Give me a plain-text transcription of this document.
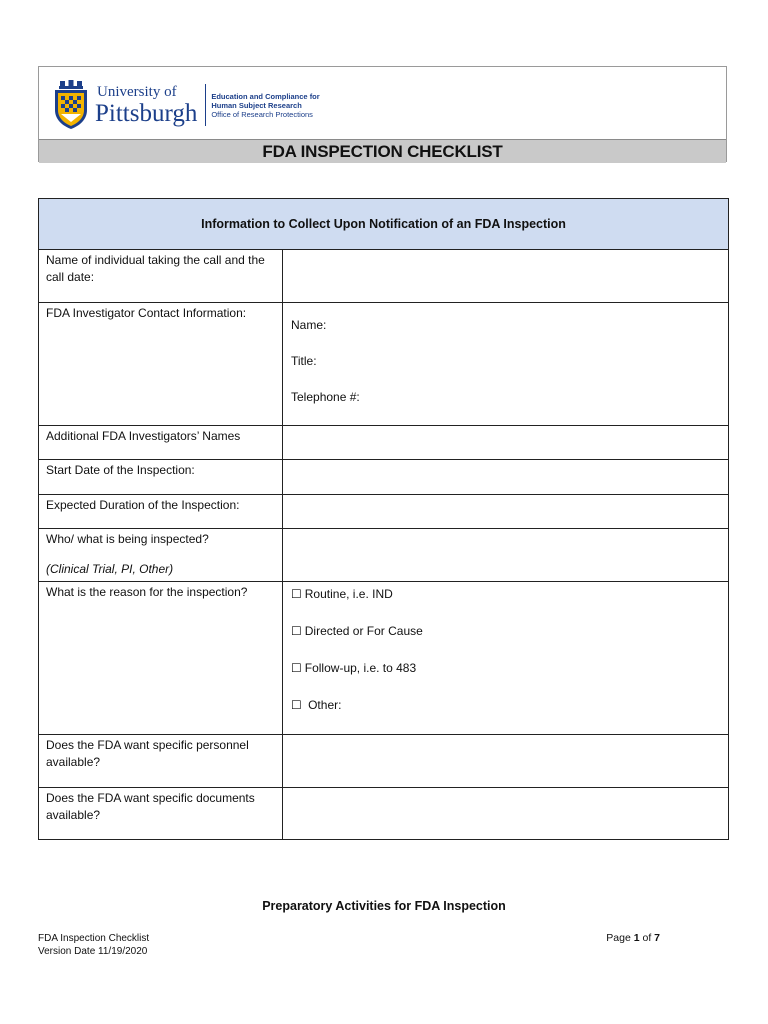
University of
Pittsburgh
Education and Compliance for
Human Subject Research
Office of Research Protections
FDA INSPECTION CHECKLIST
Information to Collect Upon Notification of an FDA Inspection	

Name of individual taking the call and the call date:	

FDA Investigator Contact Information:	Name:
Title:
Telephone #:

Additional FDA Investigators’ Names	

Start Date of the Inspection:	

Expected Duration of the Inspection:	

Who/ what is being inspected?
(Clinical Trial, PI, Other)	

What is the reason for the inspection?	☐ Routine, i.e. IND
☐ Directed or For Cause
☐ Follow-up, i.e. to 483
☐ Other:

Does the FDA want specific personnel available?	

Does the FDA want specific documents available?	

Preparatory Activities for FDA Inspection
FDA Inspection Checklist
Version Date 11/19/2020
Page 1 of 7
